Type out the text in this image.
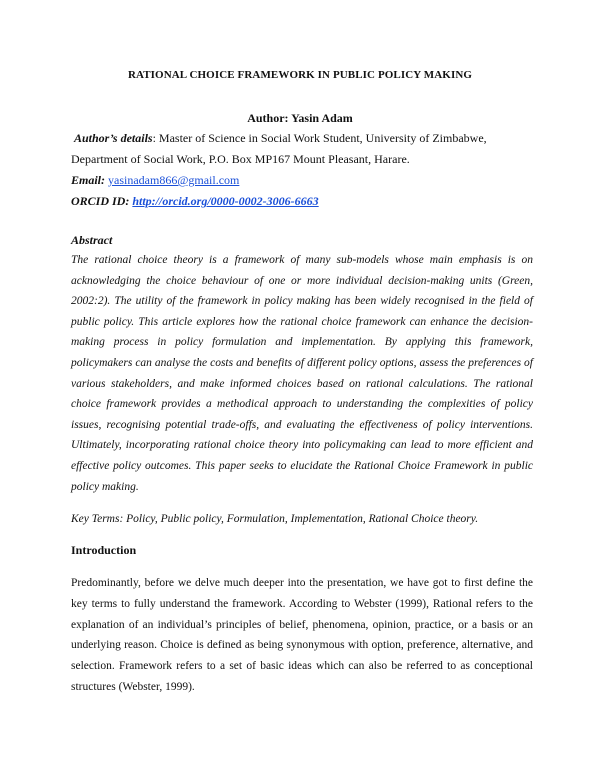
RATIONAL CHOICE FRAMEWORK IN PUBLIC POLICY MAKING
Author: Yasin Adam
Author’s details: Master of Science in Social Work Student, University of Zimbabwe, Department of Social Work, P.O. Box MP167 Mount Pleasant, Harare.
Email: yasinadam866@gmail.com
ORCID ID: http://orcid.org/0000-0002-3006-6663
Abstract
The rational choice theory is a framework of many sub-models whose main emphasis is on acknowledging the choice behaviour of one or more individual decision-making units (Green, 2002:2). The utility of the framework in policy making has been widely recognised in the field of public policy. This article explores how the rational choice framework can enhance the decision-making process in policy formulation and implementation. By applying this framework, policymakers can analyse the costs and benefits of different policy options, assess the preferences of various stakeholders, and make informed choices based on rational calculations. The rational choice framework provides a methodical approach to understanding the complexities of policy issues, recognising potential trade-offs, and evaluating the effectiveness of policy interventions. Ultimately, incorporating rational choice theory into policymaking can lead to more efficient and effective policy outcomes. This paper seeks to elucidate the Rational Choice Framework in public policy making.
Key Terms: Policy, Public policy, Formulation, Implementation, Rational Choice theory.
Introduction
Predominantly, before we delve much deeper into the presentation, we have got to first define the key terms to fully understand the framework. According to Webster (1999), Rational refers to the explanation of an individual’s principles of belief, phenomena, opinion, practice, or a basis or an underlying reason. Choice is defined as being synonymous with option, preference, alternative, and selection. Framework refers to a set of basic ideas which can also be referred to as conceptional structures (Webster, 1999).
